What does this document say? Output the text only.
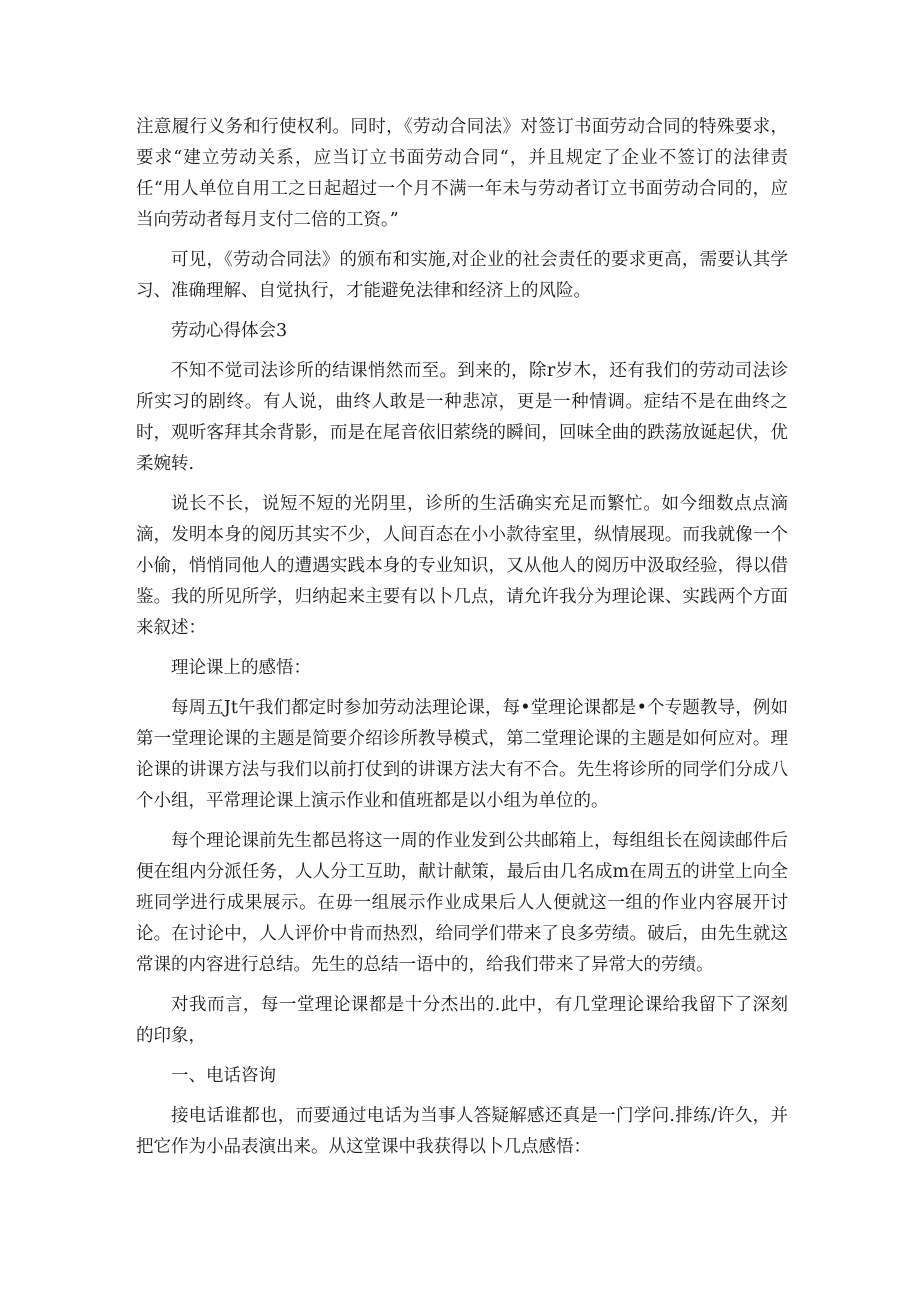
注意履行义务和行使权利。同时，《劳动合同法》对签订书面劳动合同的特殊要求，要求“建立劳动关系，应当订立书面劳动合同“，并且规定了企业不签订的法律责任“用人单位自用工之日起超过一个月不满一年未与劳动者订立书面劳动合同的，应当向劳动者每月支付二倍的工资。”

可见，《劳动合同法》的颁布和实施,对企业的社会责任的要求更高，需要认其学习、准确理解、自觉执行，才能避免法律和经济上的风险。

劳动心得体会3

不知不觉司法诊所的结课悄然而至。到来的，除r岁木，还有我们的劳动司法诊所实习的剧终。有人说，曲终人敢是一种悲凉，更是一种情调。症结不是在曲终之时，观听客拜其余背影，而是在尾音依旧萦绕的瞬间，回味全曲的跌荡放诞起伏，优柔婉转.

说长不长，说短不短的光阴里，诊所的生活确实充足而繁忙。如今细数点点滴滴，发明本身的阅历其实不少，人间百态在小小款待室里，纵情展现。而我就像一个小偷，悄悄同他人的遭遇实践本身的专业知识，又从他人的阅历中汲取经验，得以借鉴。我的所见所学，归纳起来主要有以卜几点，请允许我分为理论课、实践两个方面来叙述：

理论课上的感悟：

每周五Jt午我们都定时参加劳动法理论课，每•堂理论课都是•个专题教导，例如第一堂理论课的主题是简要介绍诊所教导模式，第二堂理论课的主题是如何应对。理论课的讲课方法与我们以前打仗到的讲课方法大有不合。先生将诊所的同学们分成八个小组，平常理论课上演示作业和值班都是以小组为单位的。

每个理论课前先生都邑将这一周的作业发到公共邮箱上，每组组长在阅读邮件后便在组内分派任务，人人分工互助，献计献策，最后由几名成m在周五的讲堂上向全班同学进行成果展示。在毋一组展示作业成果后人人便就这一组的作业内容展开讨论。在讨论中，人人评价中肯而热烈，给同学们带来了良多劳绩。破后，由先生就这常课的内容进行总结。先生的总结一语中的，给我们带来了异常大的劳绩。

对我而言，每一堂理论课都是十分杰出的.此中，有几堂理论课给我留下了深刻的印象，

一、电话咨询

接电话谁都也，而要通过电话为当事人答疑解感还真是一门学问.排练/许久，并把它作为小品表演出来。从这堂课中我获得以卜几点感悟：
